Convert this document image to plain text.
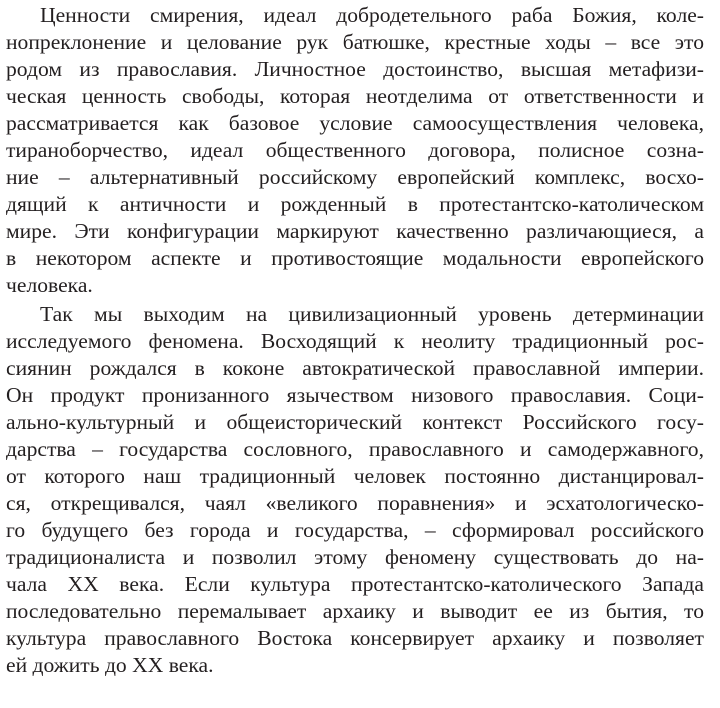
Ценности смирения, идеал добродетельного раба Божия, коле-
нопреклонение и целование рук батюшке, крестные ходы – все это
родом из православия. Личностное достоинство, высшая метафизи-
ческая ценность свободы, которая неотделима от ответственности и
рассматривается как базовое условие самоосуществления человека,
тираноборчество, идеал общественного договора, полисное созна-
ние – альтернативный российскому европейский комплекс, восхо-
дящий к античности и рожденный в протестантско-католическом
мире. Эти конфигурации маркируют качественно различающиеся, а
в некотором аспекте и противостоящие модальности европейского
человека.
Так мы выходим на цивилизационный уровень детерминации
исследуемого феномена. Восходящий к неолиту традиционный рос-
сиянин рождался в коконе автократической православной империи.
Он продукт пронизанного язычеством низового православия. Соци-
ально-культурный и общеисторический контекст Российского госу-
дарства – государства сословного, православного и самодержавного,
от которого наш традиционный человек постоянно дистанцировал-
ся, открещивался, чаял «великого поравнения» и эсхатологическо-
го будущего без города и государства, – сформировал российского
традиционалиста и позволил этому феномену существовать до на-
чала XX века. Если культура протестантско-католического Запада
последовательно перемалывает архаику и выводит ее из бытия, то
культура православного Востока консервирует архаику и позволяет
ей дожить до XX века.
